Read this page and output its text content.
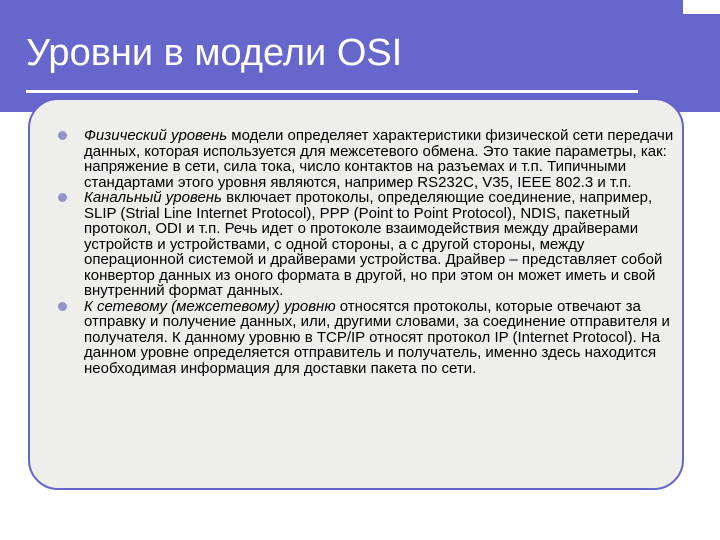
Уровни в модели OSI
Физический уровень модели определяет характеристики физической сети передачи данных, которая используется для межсетевого обмена. Это такие параметры, как: напряжение в сети, сила тока, число контактов на разъемах и т.п. Типичными стандартами этого уровня являются, например RS232C, V35, IEEE 802.3 и т.п.
Канальный уровень включает протоколы, определяющие соединение, например, SLIP (Strial Line Internet Protocol), PPP (Point to Point Protocol), NDIS, пакетный протокол, ODI и т.п. Речь идет о протоколе взаимодействия между драйверами устройств и устройствами, с одной стороны, а с другой стороны, между операционной системой и драйверами устройства. Драйвер – представляет собой конвертор данных из оного формата в другой, но при этом он может иметь и свой внутренний формат данных.
К сетевому (межсетевому) уровню относятся протоколы, которые отвечают за отправку и получение данных, или, другими словами, за соединение отправителя и получателя. К данному уровню в TCP/IP относят протокол IP (Internet Protocol). На данном уровне определяется отправитель и получатель, именно здесь находится необходимая информация для доставки пакета по сети.
